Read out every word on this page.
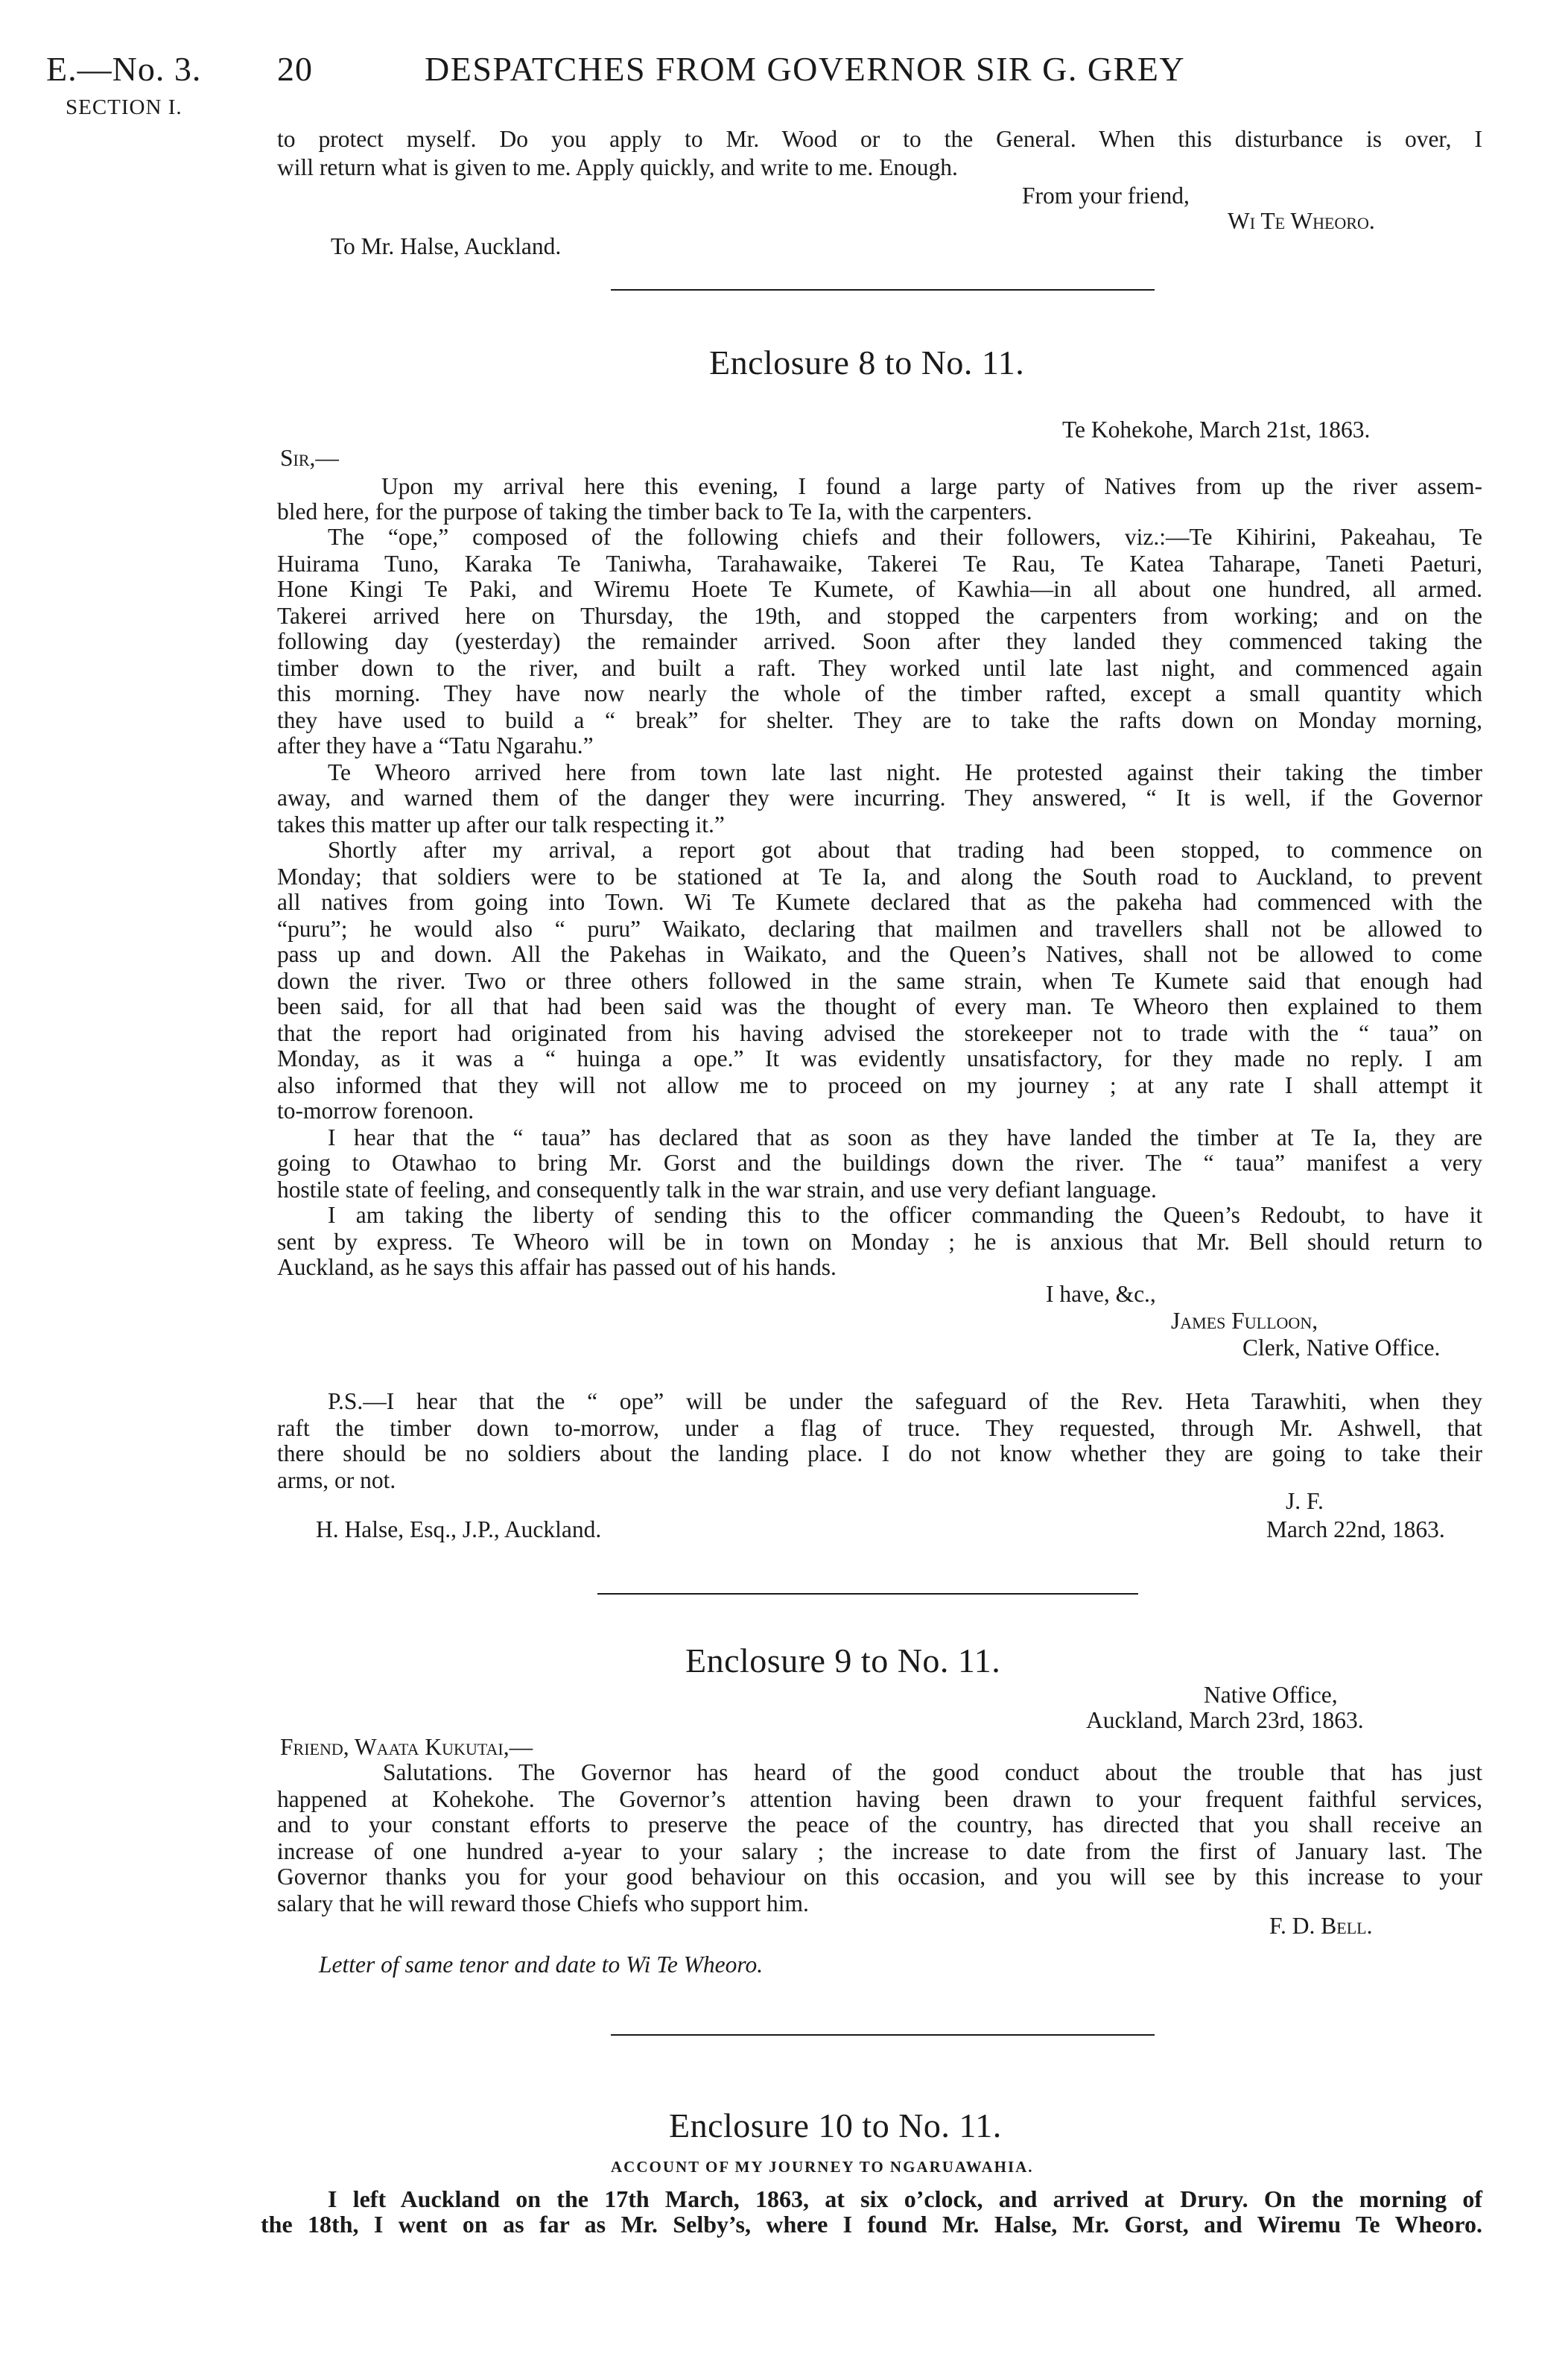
E.—No. 3.
SECTION I.
20	DESPATCHES FROM GOVERNOR SIR G. GREY
to protect myself. Do you apply to Mr. Wood or to the General. When this disturbance is over, I
will return what is given to me. Apply quickly, and write to me. Enough.
From your friend,
Wi Te Wheoro.
To Mr. Halse, Auckland.
Enclosure 8 to No. 11.
Te Kohekohe, March 21st, 1863.
Sir,—
Upon my arrival here this evening, I found a large party of Natives from up the river assem-
bled here, for the purpose of taking the timber back to Te Ia, with the carpenters.
The “ope,” composed of the following chiefs and their followers, viz.:—Te Kihirini, Pakeahau, Te
Huirama Tuno, Karaka Te Taniwha, Tarahawaike, Takerei Te Rau, Te Katea Taharape, Taneti Paeturi,
Hone Kingi Te Paki, and Wiremu Hoete Te Kumete, of Kawhia—in all about one hundred, all armed.
Takerei arrived here on Thursday, the 19th, and stopped the carpenters from working; and on the
following day (yesterday) the remainder arrived. Soon after they landed they commenced taking the
timber down to the river, and built a raft. They worked until late last night, and commenced again
this morning. They have now nearly the whole of the timber rafted, except a small quantity which
they have used to build a “ break” for shelter. They are to take the rafts down on Monday morning,
after they have a “Tatu Ngarahu.”
Te Wheoro arrived here from town late last night. He protested against their taking the timber
away, and warned them of the danger they were incurring. They answered, “ It is well, if the Governor
takes this matter up after our talk respecting it.”
Shortly after my arrival, a report got about that trading had been stopped, to commence on
Monday; that soldiers were to be stationed at Te Ia, and along the South road to Auckland, to prevent
all natives from going into Town. Wi Te Kumete declared that as the pakeha had commenced with the
“puru”; he would also “ puru” Waikato, declaring that mailmen and travellers shall not be allowed to
pass up and down. All the Pakehas in Waikato, and the Queen’s Natives, shall not be allowed to come
down the river. Two or three others followed in the same strain, when Te Kumete said that enough had
been said, for all that had been said was the thought of every man. Te Wheoro then explained to them
that the report had originated from his having advised the storekeeper not to trade with the “ taua” on
Monday, as it was a “ huinga a ope.” It was evidently unsatisfactory, for they made no reply. I am
also informed that they will not allow me to proceed on my journey ; at any rate I shall attempt it
to-morrow forenoon.
I hear that the “ taua” has declared that as soon as they have landed the timber at Te Ia, they are
going to Otawhao to bring Mr. Gorst and the buildings down the river. The “ taua” manifest a very
hostile state of feeling, and consequently talk in the war strain, and use very defiant language.
I am taking the liberty of sending this to the officer commanding the Queen’s Redoubt, to have it
sent by express. Te Wheoro will be in town on Monday ; he is anxious that Mr. Bell should return to
Auckland, as he says this affair has passed out of his hands.
I have, &c.,
James Fulloon,
Clerk, Native Office.
P.S.—I hear that the “ ope” will be under the safeguard of the Rev. Heta Tarawhiti, when they
raft the timber down to-morrow, under a flag of truce. They requested, through Mr. Ashwell, that
there should be no soldiers about the landing place. I do not know whether they are going to take their
arms, or not.
J. F.
H. Halse, Esq., J.P., Auckland.	March 22nd, 1863.
Enclosure 9 to No. 11.
Native Office,
Auckland, March 23rd, 1863.
Friend, Waata Kukutai,—
Salutations. The Governor has heard of the good conduct about the trouble that has just
happened at Kohekohe. The Governor’s attention having been drawn to your frequent faithful services,
and to your constant efforts to preserve the peace of the country, has directed that you shall receive an
increase of one hundred a-year to your salary ; the increase to date from the first of January last. The
Governor thanks you for your good behaviour on this occasion, and you will see by this increase to your
salary that he will reward those Chiefs who support him.
F. D. Bell.
Letter of same tenor and date to Wi Te Wheoro.
Enclosure 10 to No. 11.
ACCOUNT OF MY JOURNEY TO NGARUAWAHIA.
I left Auckland on the 17th March, 1863, at six o’clock, and arrived at Drury. On the morning of
the 18th, I went on as far as Mr. Selby’s, where I found Mr. Halse, Mr. Gorst, and Wiremu Te Wheoro.
